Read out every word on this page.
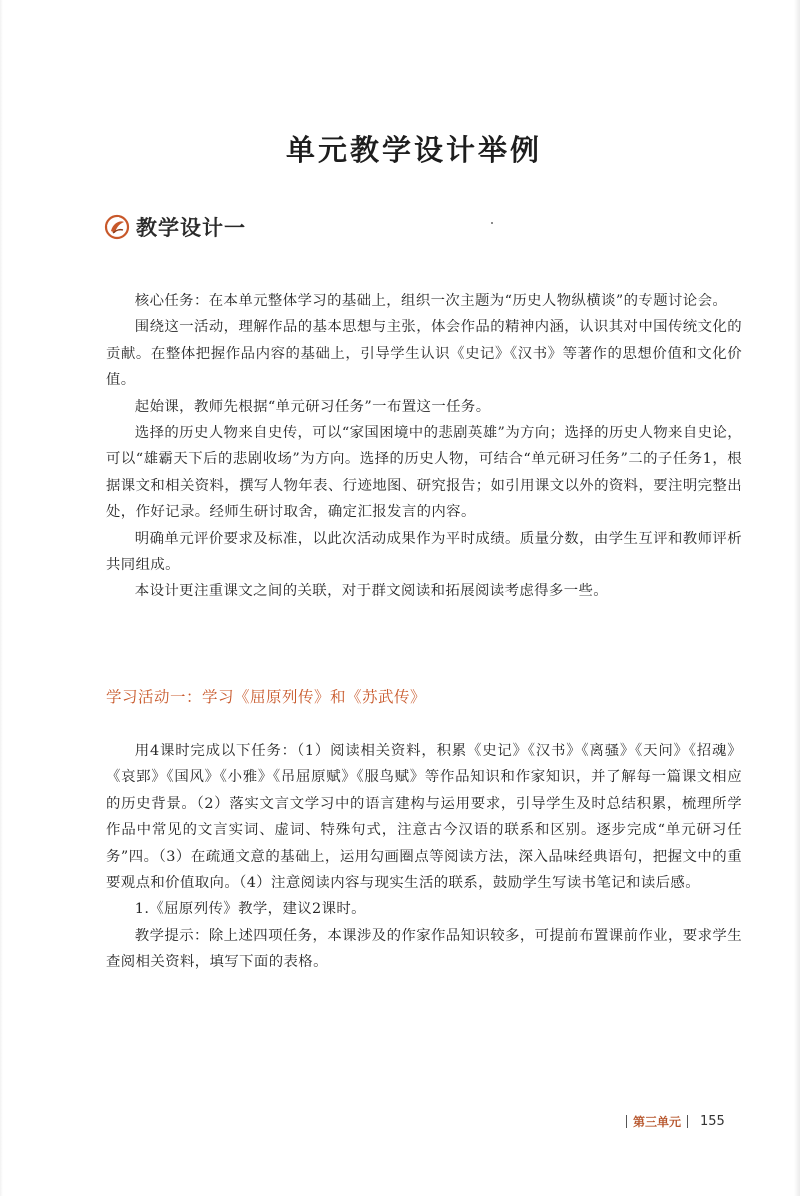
单元教学设计举例
教学设计一

核心任务：在本单元整体学习的基础上，组织一次主题为“历史人物纵横谈”的专题讨论会。

围绕这一活动，理解作品的基本思想与主张，体会作品的精神内涵，认识其对中国传统文化的贡献。在整体把握作品内容的基础上，引导学生认识《史记》《汉书》等著作的思想价值和文化价值。

起始课，教师先根据“单元研习任务”一布置这一任务。

选择的历史人物来自史传，可以“家国困境中的悲剧英雄”为方向；选择的历史人物来自史论，可以“雄霸天下后的悲剧收场”为方向。选择的历史人物，可结合“单元研习任务”二的子任务1，根据课文和相关资料，撰写人物年表、行迹地图、研究报告；如引用课文以外的资料，要注明完整出处，作好记录。经师生研讨取舍，确定汇报发言的内容。

明确单元评价要求及标准，以此次活动成果作为平时成绩。质量分数，由学生互评和教师评析共同组成。

本设计更注重课文之间的关联，对于群文阅读和拓展阅读考虑得多一些。

学习活动一：学习《屈原列传》和《苏武传》

用4课时完成以下任务：（1）阅读相关资料，积累《史记》《汉书》《离骚》《天问》《招魂》《哀郢》《国风》《小雅》《吊屈原赋》《服鸟赋》等作品知识和作家知识，并了解每一篇课文相应的历史背景。（2）落实文言文学习中的语言建构与运用要求，引导学生及时总结积累，梳理所学作品中常见的文言实词、虚词、特殊句式，注意古今汉语的联系和区别。逐步完成“单元研习任务”四。（3）在疏通文意的基础上，运用勾画圈点等阅读方法，深入品味经典语句，把握文中的重要观点和价值取向。（4）注意阅读内容与现实生活的联系，鼓励学生写读书笔记和读后感。

1.《屈原列传》教学，建议2课时。

教学提示：除上述四项任务，本课涉及的作家作品知识较多，可提前布置课前作业，要求学生查阅相关资料，填写下面的表格。

第三单元 155
